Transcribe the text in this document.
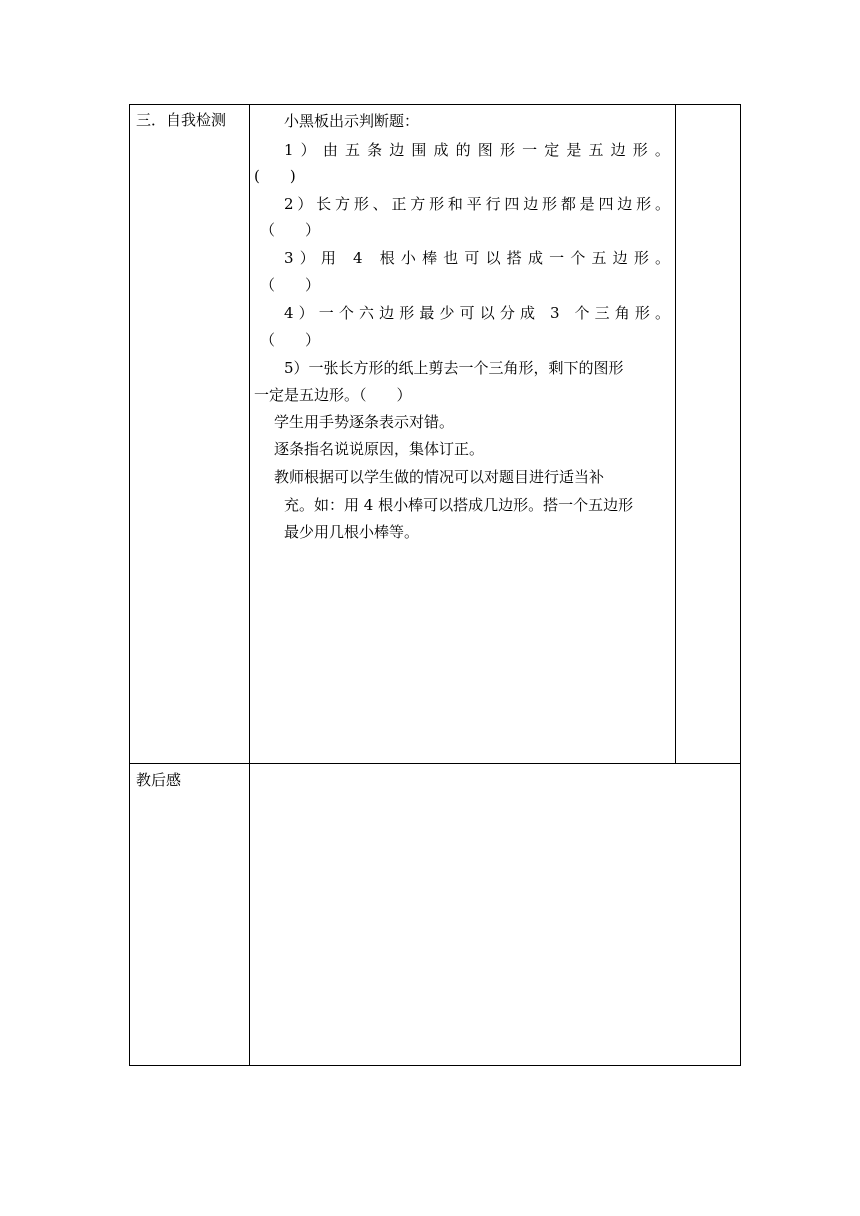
三．自我检测
教后感
小黑板出示判断题：
1）由五条边围成的图形一定是五边形。
(　　)
2）长方形、正方形和平行四边形都是四边形。
（　　）
3）用 4 根小棒也可以搭成一个五边形。
（　　）
4）一个六边形最少可以分成 3 个三角形。
（　　）
5）一张长方形的纸上剪去一个三角形，剩下的图形
一定是五边形。（　　）
学生用手势逐条表示对错。
逐条指名说说原因，集体订正。
教师根据可以学生做的情况可以对题目进行适当补
充。如：用 4 根小棒可以搭成几边形。搭一个五边形
最少用几根小棒等。
